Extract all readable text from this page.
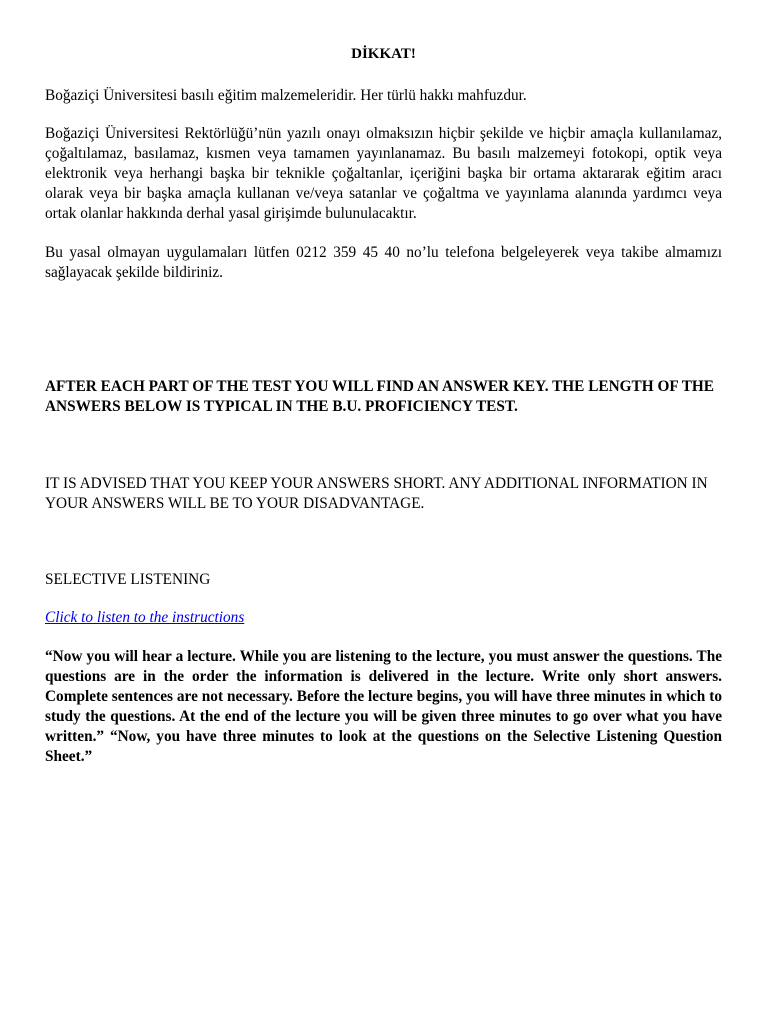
DİKKAT!

Boğaziçi Üniversitesi basılı eğitim malzemeleridir. Her türlü hakkı mahfuzdur.

Boğaziçi Üniversitesi Rektörlüğü’nün yazılı onayı olmaksızın hiçbir şekilde ve hiçbir amaçla kullanılamaz, çoğaltılamaz, basılamaz, kısmen veya tamamen yayınlanamaz. Bu basılı malzemeyi fotokopi, optik veya elektronik veya herhangi başka bir teknikle çoğaltanlar, içeriğini başka bir ortama aktararak eğitim aracı olarak veya bir başka amaçla kullanan ve/veya satanlar ve çoğaltma ve yayınlama alanında yardımcı veya ortak olanlar hakkında derhal yasal girişimde bulunulacaktır.

Bu yasal olmayan uygulamaları lütfen 0212 359 45 40 no’lu telefona belgeleyerek veya takibe almamızı sağlayacak şekilde bildiriniz.

AFTER EACH PART OF THE TEST YOU WILL FIND AN ANSWER KEY. THE LENGTH OF THE ANSWERS BELOW IS TYPICAL IN THE B.U. PROFICIENCY TEST.

IT IS ADVISED THAT YOU KEEP YOUR ANSWERS SHORT. ANY ADDITIONAL INFORMATION IN YOUR ANSWERS WILL BE TO YOUR DISADVANTAGE.

SELECTIVE LISTENING

Click to listen to the instructions

“Now you will hear a lecture. While you are listening to the lecture, you must answer the questions. The questions are in the order the information is delivered in the lecture. Write only short answers. Complete sentences are not necessary. Before the lecture begins, you will have three minutes in which to study the questions. At the end of the lecture you will be given three minutes to go over what you have written.” “Now, you have three minutes to look at the questions on the Selective Listening Question Sheet.”
